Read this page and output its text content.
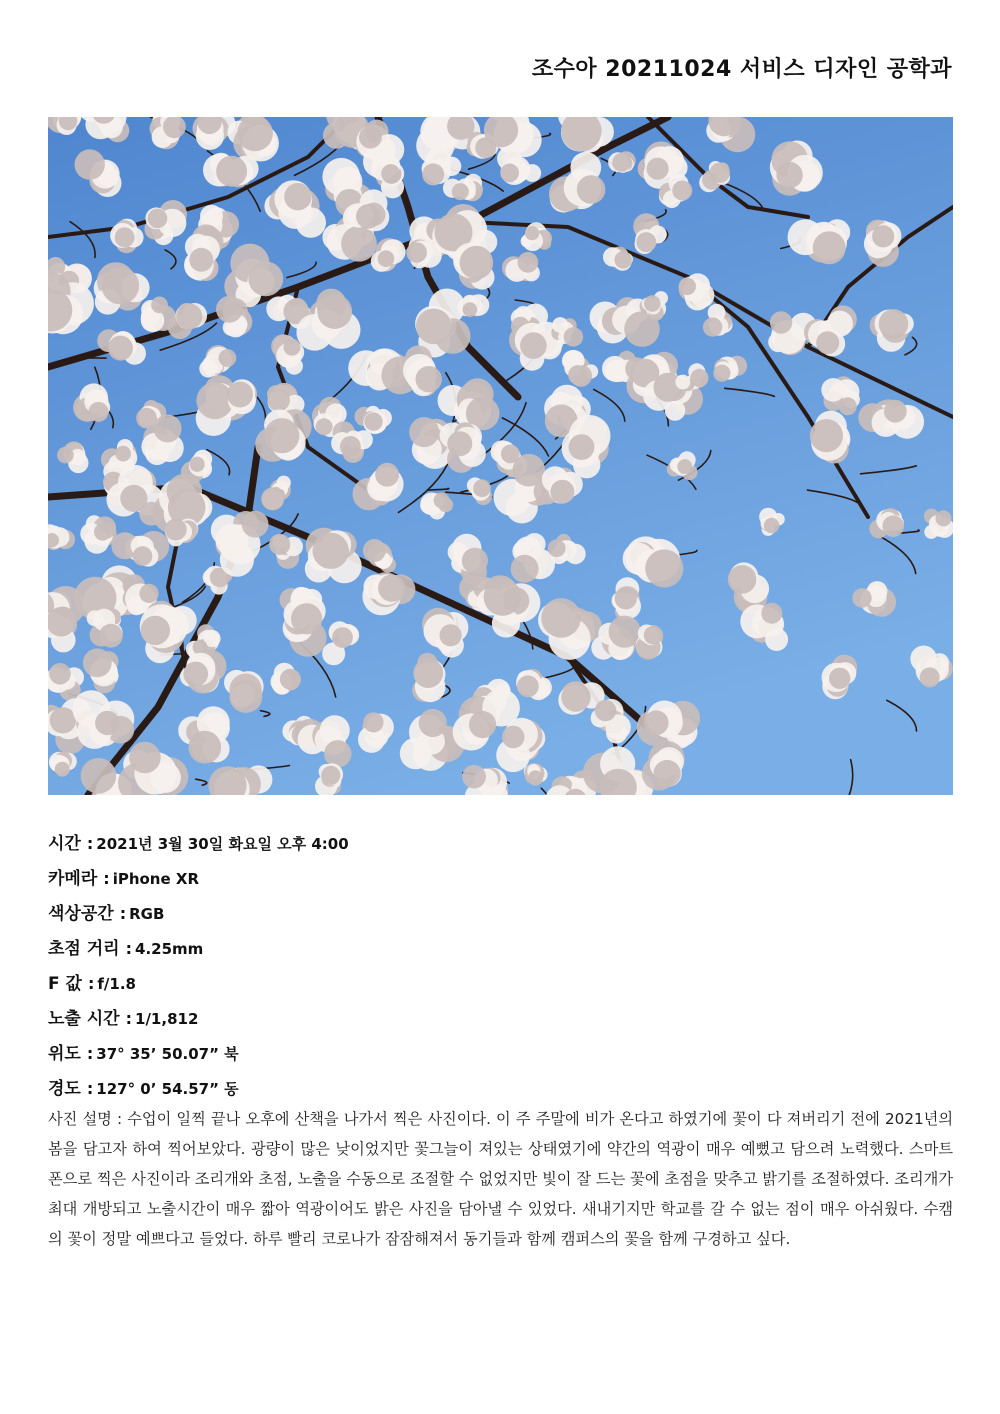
조수아 20211024 서비스 디자인 공학과
시간 : 2021년 3월 30일 화요일 오후 4:00
카메라 : iPhone XR
색상공간 : RGB
초점 거리 : 4.25mm
F 값 : f/1.8
노출 시간 : 1/1,812
위도 : 37° 35’ 50.07” 북
경도 : 127° 0’ 54.57” 동
사진 설명 : 수업이 일찍 끝나 오후에 산책을 나가서 찍은 사진이다. 이 주 주말에 비가 온다고 하였기에 꽃이 다 져버리기 전에 2021년의 봄을 담고자 하여 찍어보았다. 광량이 많은 낮이었지만 꽃그늘이 져있는 상태였기에 약간의 역광이 매우 예뻤고 담으려 노력했다. 스마트폰으로 찍은 사진이라 조리개와 초점, 노출을 수동으로 조절할 수 없었지만 빛이 잘 드는 꽃에 초점을 맞추고 밝기를 조절하였다. 조리개가 최대 개방되고 노출시간이 매우 짧아 역광이어도 밝은 사진을 담아낼 수 있었다. 새내기지만 학교를 갈 수 없는 점이 매우 아쉬웠다. 수캠의 꽃이 정말 예쁘다고 들었다. 하루 빨리 코로나가 잠잠해져서 동기들과 함께 캠퍼스의 꽃을 함께 구경하고 싶다.
